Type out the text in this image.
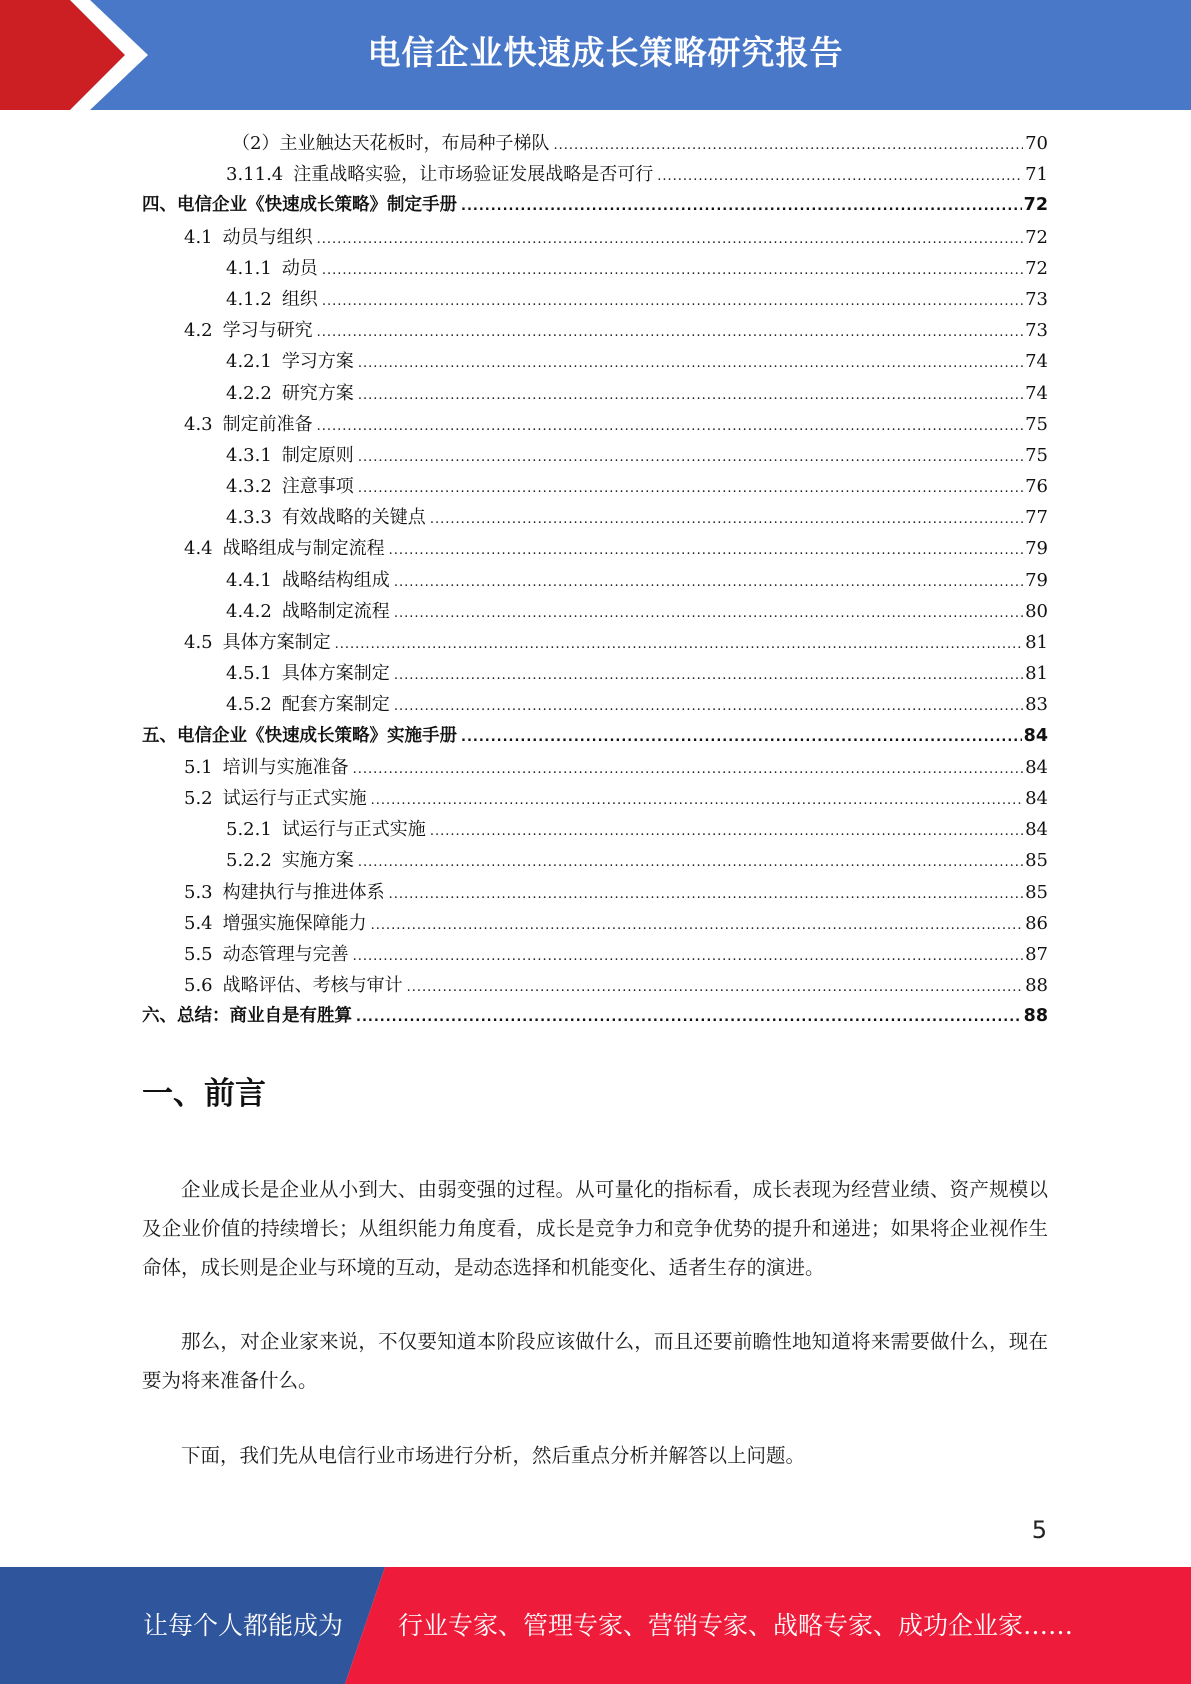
电信企业快速成长策略研究报告
（2）主业触达天花板时，布局种子梯队 .....	70
3.11.4 注重战略实验，让市场验证发展战略是否可行 .....	71
四、电信企业《快速成长策略》制定手册 .....	72
4.1 动员与组织 .....	72
4.1.1 动员 .....	72
4.1.2 组织 .....	73
4.2 学习与研究 .....	73
4.2.1 学习方案 .....	74
4.2.2 研究方案 .....	74
4.3 制定前准备 .....	75
4.3.1 制定原则 .....	75
4.3.2 注意事项 .....	76
4.3.3 有效战略的关键点 .....	77
4.4 战略组成与制定流程 .....	79
4.4.1 战略结构组成 .....	79
4.4.2 战略制定流程 .....	80
4.5 具体方案制定 .....	81
4.5.1 具体方案制定 .....	81
4.5.2 配套方案制定 .....	83
五、电信企业《快速成长策略》实施手册 .....	84
5.1 培训与实施准备 .....	84
5.2 试运行与正式实施 .....	84
5.2.1 试运行与正式实施 .....	84
5.2.2 实施方案 .....	85
5.3 构建执行与推进体系 .....	85
5.4 增强实施保障能力 .....	86
5.5 动态管理与完善 .....	87
5.6 战略评估、考核与审计 .....	88
六、总结：商业自是有胜算 .....	88
一、前言

企业成长是企业从小到大、由弱变强的过程。从可量化的指标看，成长表现为经营业绩、资产规模以及企业价值的持续增长；从组织能力角度看，成长是竞争力和竞争优势的提升和递进；如果将企业视作生命体，成长则是企业与环境的互动，是动态选择和机能变化、适者生存的演进。

那么，对企业家来说，不仅要知道本阶段应该做什么，而且还要前瞻性地知道将来需要做什么，现在要为将来准备什么。

下面，我们先从电信行业市场进行分析，然后重点分析并解答以上问题。

5
让每个人都能成为 行业专家、管理专家、营销专家、战略专家、成功企业家……
